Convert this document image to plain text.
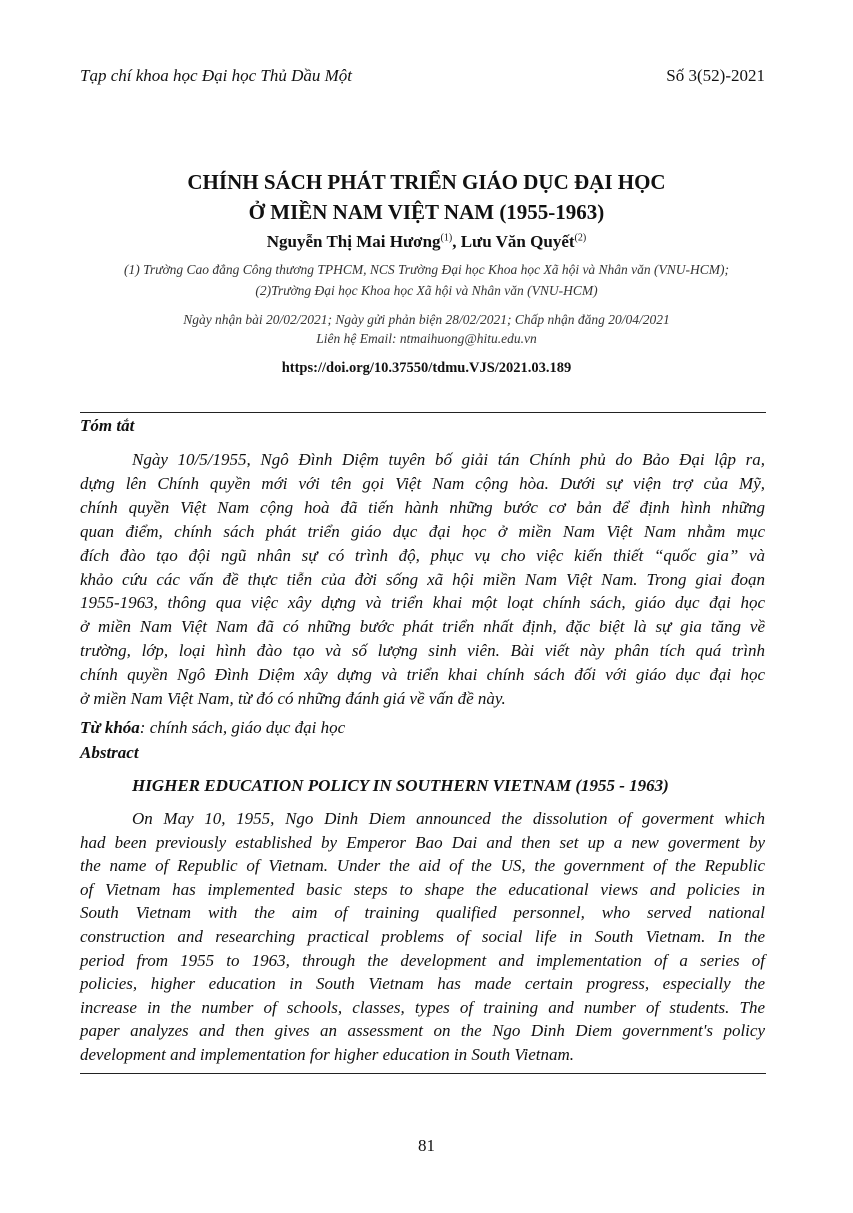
Tạp chí khoa học Đại học Thủ Dầu Một	Số 3(52)-2021
CHÍNH SÁCH PHÁT TRIỂN GIÁO DỤC ĐẠI HỌC
Ở MIỀN NAM VIỆT NAM (1955-1963)
Nguyễn Thị Mai Hương$^{(1)}$, Lưu Văn Quyết$^{(2)}$
(1) Trường Cao đẳng Công thương TPHCM, NCS Trường Đại học Khoa học Xã hội và Nhân văn (VNU-HCM);
(2)Trường Đại học Khoa học Xã hội và Nhân văn (VNU-HCM)
Ngày nhận bài 20/02/2021; Ngày gửi phản biện 28/02/2021; Chấp nhận đăng 20/04/2021
Liên hệ Email: ntmaihuong@hitu.edu.vn
https://doi.org/10.37550/tdmu.VJS/2021.03.189
Tóm tắt
Ngày 10/5/1955, Ngô Đình Diệm tuyên bố giải tán Chính phủ do Bảo Đại lập ra,
dựng lên Chính quyền mới với tên gọi Việt Nam cộng hòa. Dưới sự viện trợ của Mỹ,
chính quyền Việt Nam cộng hoà đã tiến hành những bước cơ bản để định hình những
quan điểm, chính sách phát triển giáo dục đại học ở miền Nam Việt Nam nhằm mục
đích đào tạo đội ngũ nhân sự có trình độ, phục vụ cho việc kiến thiết “quốc gia” và
khảo cứu các vấn đề thực tiễn của đời sống xã hội miền Nam Việt Nam. Trong giai đoạn
1955-1963, thông qua việc xây dựng và triển khai một loạt chính sách, giáo dục đại học
ở miền Nam Việt Nam đã có những bước phát triển nhất định, đặc biệt là sự gia tăng về
trường, lớp, loại hình đào tạo và số lượng sinh viên. Bài viết này phân tích quá trình
chính quyền Ngô Đình Diệm xây dựng và triển khai chính sách đối với giáo dục đại học
ở miền Nam Việt Nam, từ đó có những đánh giá về vấn đề này.
Từ khóa: chính sách, giáo dục đại học
Abstract
HIGHER EDUCATION POLICY IN SOUTHERN VIETNAM (1955 - 1963)
On May 10, 1955, Ngo Dinh Diem announced the dissolution of goverment which
had been previously established by Emperor Bao Dai and then set up a new goverment by
the name of Republic of Vietnam. Under the aid of the US, the government of the Republic
of Vietnam has implemented basic steps to shape the educational views and policies in
South Vietnam with the aim of training qualified personnel, who served national
construction and researching practical problems of social life in South Vietnam. In the
period from 1955 to 1963, through the development and implementation of a series of
policies, higher education in South Vietnam has made certain progress, especially the
increase in the number of schools, classes, types of training and number of students. The
paper analyzes and then gives an assessment on the Ngo Dinh Diem government's policy
development and implementation for higher education in South Vietnam.
81
